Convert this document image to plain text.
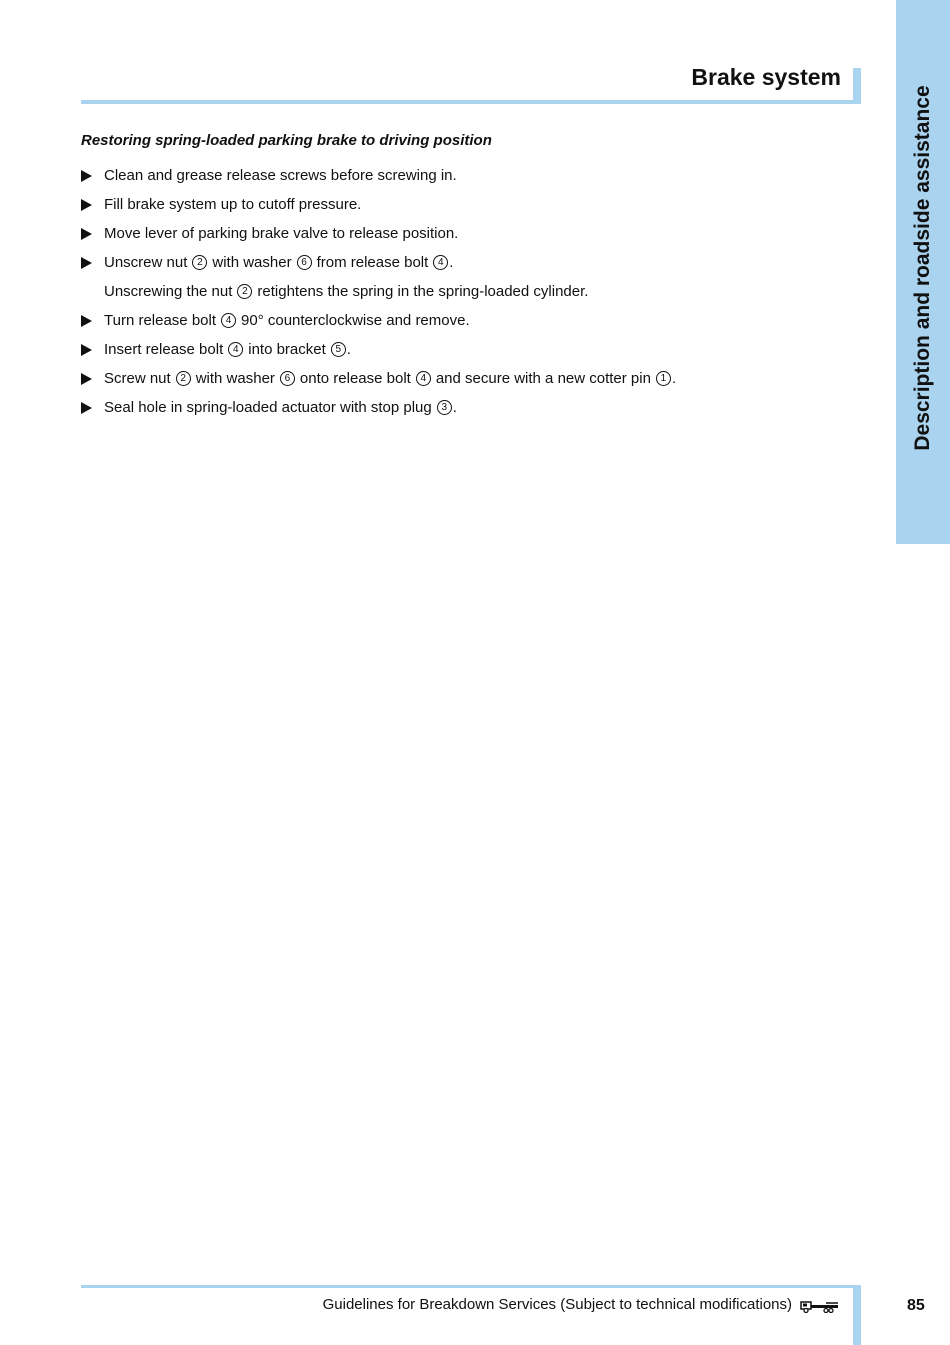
Description and roadside assistance
Brake system
Restoring spring-loaded parking brake to driving position
Clean and grease release screws before screwing in.
Fill brake system up to cutoff pressure.
Move lever of parking brake valve to release position.
Unscrew nut 2 with washer 6 from release bolt 4 .
Unscrewing the nut 2 retightens the spring in the spring-loaded cylinder.
Turn release bolt 4 90° counterclockwise and remove.
Insert release bolt 4 into bracket 5 .
Screw nut 2 with washer 6 onto release bolt 4 and secure with a new cotter pin 1 .
Seal hole in spring-loaded actuator with stop plug 3 .
Guidelines for Breakdown Services (Subject to technical modifications)	85
